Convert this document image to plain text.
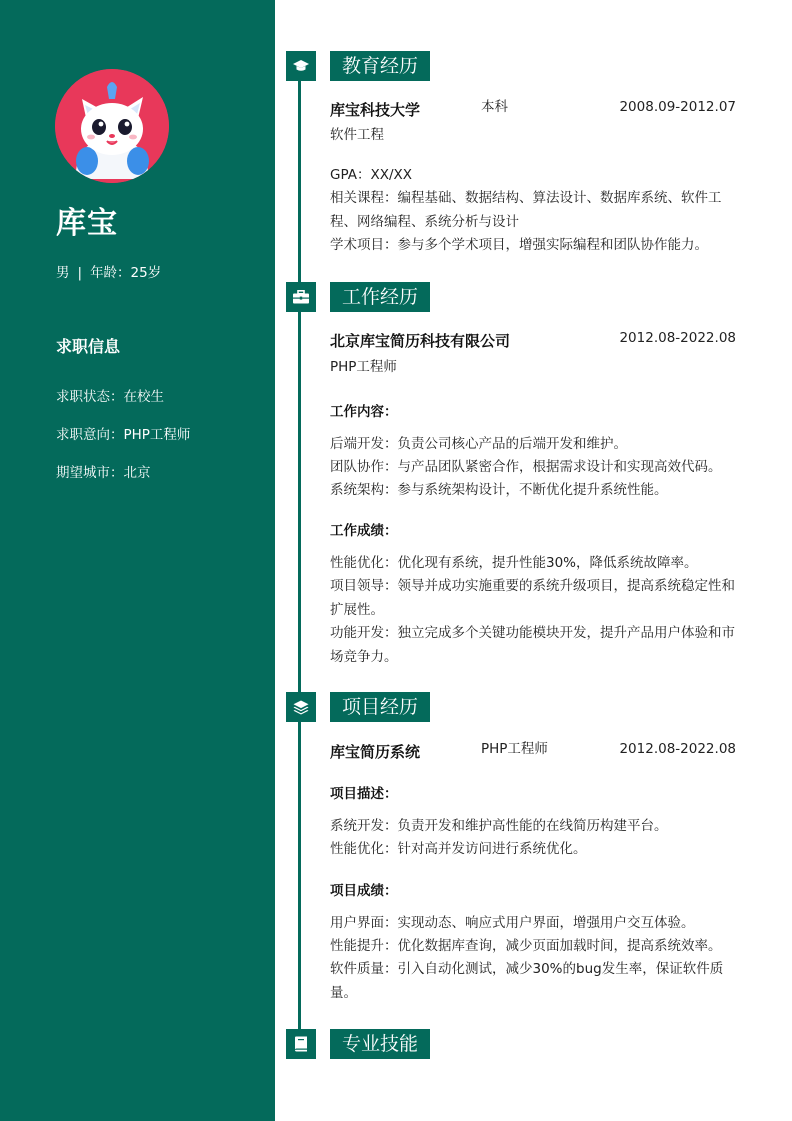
库宝
男 | 年龄：25岁
求职信息
求职状态：在校生
求职意向：PHP工程师
期望城市：北京
教育经历
库宝科技大学	本科	2008.09-2012.07
软件工程
GPA：XX/XX
相关课程：编程基础、数据结构、算法设计、数据库系统、软件工程、网络编程、系统分析与设计
学术项目：参与多个学术项目，增强实际编程和团队协作能力。
工作经历
北京库宝简历科技有限公司	2012.08-2022.08
PHP工程师
工作内容：
后端开发：负责公司核心产品的后端开发和维护。
团队协作：与产品团队紧密合作，根据需求设计和实现高效代码。
系统架构：参与系统架构设计，不断优化提升系统性能。
工作成绩：
性能优化：优化现有系统，提升性能30%，降低系统故障率。
项目领导：领导并成功实施重要的系统升级项目，提高系统稳定性和扩展性。
功能开发：独立完成多个关键功能模块开发，提升产品用户体验和市场竞争力。
项目经历
库宝简历系统	PHP工程师	2012.08-2022.08
项目描述：
系统开发：负责开发和维护高性能的在线简历构建平台。
性能优化：针对高并发访问进行系统优化。
项目成绩：
用户界面：实现动态、响应式用户界面，增强用户交互体验。
性能提升：优化数据库查询，减少页面加载时间，提高系统效率。
软件质量：引入自动化测试，减少30%的bug发生率，保证软件质量。
专业技能
